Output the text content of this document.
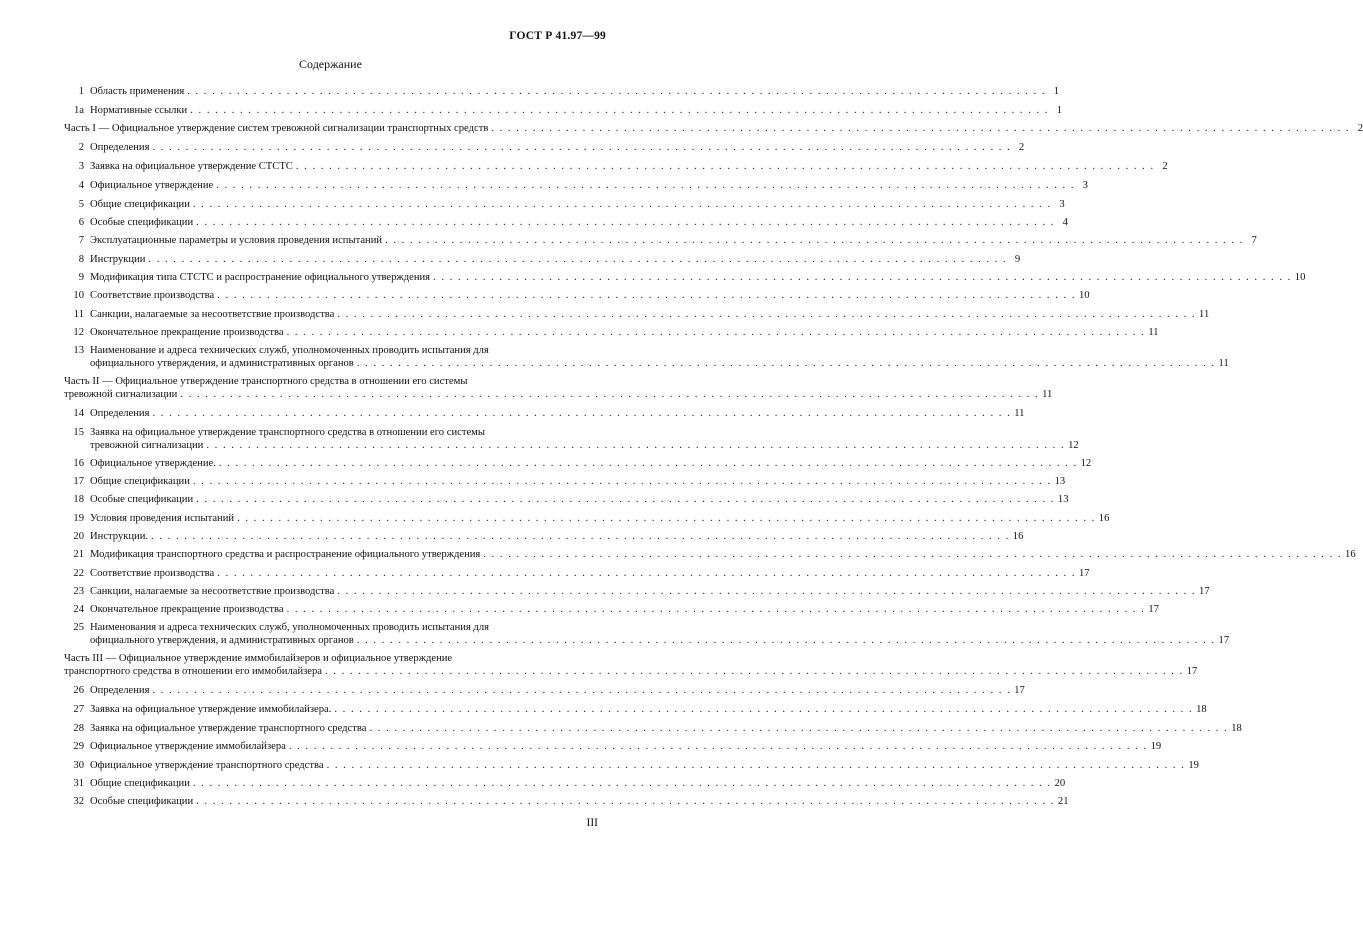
ГОСТ Р 41.97—99
Содержание
1 Область применения . . . . . . . . . . . . . . . . . . . . . . . . . . . . . . . . . . . . . . . . . . . . . . . . . . . . . . . . . . . . . . . . . . . . . . . . . . . . . . . . . . . . . . . . . . . . . . . . . . . . . . . . 1
1a Нормативные ссылки . . . . . . . . . . . . . . . . . . . . . . . . . . . . . . . . . . . . . . . . . . . . . . . . . . . . . . . . . . . . . . . . . . . . . . . . . . . . . . . . . . . . . . . . . . . . . . . . . . . . . . . . 1
Часть I — Официальное утверждение систем тревожной сигнализации транспортных средств . . . . . . . . . . . . . . . . . . . . . . . . . . . . . . . . . . . . . . . . . . . . . . . . . . . . . . . . . . . . . . . . . . . . . . . . . . . . . . . . . . . . . . . . . . . . . . . . . . . . . . . . 2
2 Определения . . . . . . . . . . . . . . . . . . . . . . . . . . . . . . . . . . . . . . . . . . . . . . . . . . . . . . . . . . . . . . . . . . . . . . . . . . . . . . . . . . . . . . . . . . . . . . . . . . . . . . . . 2
3 Заявка на официальное утверждение СТСТС . . . . . . . . . . . . . . . . . . . . . . . . . . . . . . . . . . . . . . . . . . . . . . . . . . . . . . . . . . . . . . . . . . . . . . . . . . . . . . . . . . . . . . . . . . . . . . . . . . . . . . . . 2
4 Официальное утверждение . . . . . . . . . . . . . . . . . . . . . . . . . . . . . . . . . . . . . . . . . . . . . . . . . . . . . . . . . . . . . . . . . . . . . . . . . . . . . . . . . . . . . . . . . . . . . . . . . . . . . . . . 3
5 Общие спецификации . . . . . . . . . . . . . . . . . . . . . . . . . . . . . . . . . . . . . . . . . . . . . . . . . . . . . . . . . . . . . . . . . . . . . . . . . . . . . . . . . . . . . . . . . . . . . . . . . . . . . . . . 3
6 Особые спецификации . . . . . . . . . . . . . . . . . . . . . . . . . . . . . . . . . . . . . . . . . . . . . . . . . . . . . . . . . . . . . . . . . . . . . . . . . . . . . . . . . . . . . . . . . . . . . . . . . . . . . . . . 4
7 Эксплуатационные параметры и условия проведения испытаний . . . . . . . . . . . . . . . . . . . . . . . . . . . . . . . . . . . . . . . . . . . . . . . . . . . . . . . . . . . . . . . . . . . . . . . . . . . . . . . . . . . . . . . . . . . . . . . . . . . . . . . . 7
8 Инструкции . . . . . . . . . . . . . . . . . . . . . . . . . . . . . . . . . . . . . . . . . . . . . . . . . . . . . . . . . . . . . . . . . . . . . . . . . . . . . . . . . . . . . . . . . . . . . . . . . . . . . . . . 9
9 Модификация типа СТСТС и распространение официального утверждения . . . . . . . . . . . . . . . . . . . . . . . . . . . . . . . . . . . . . . . . . . . . . . . . . . . . . . . . . . . . . . . . . . . . . . . . . . . . . . . . . . . . . . . . . . . . . . . . . . . . . . . . 10
10 Соответствие производства . . . . . . . . . . . . . . . . . . . . . . . . . . . . . . . . . . . . . . . . . . . . . . . . . . . . . . . . . . . . . . . . . . . . . . . . . . . . . . . . . . . . . . . . . . . . . . . . . . . . . . . . 10
11 Санкции, налагаемые за несоответствие производства . . . . . . . . . . . . . . . . . . . . . . . . . . . . . . . . . . . . . . . . . . . . . . . . . . . . . . . . . . . . . . . . . . . . . . . . . . . . . . . . . . . . . . . . . . . . . . . . . . . . . . . . 11
12 Окончательное прекращение производства . . . . . . . . . . . . . . . . . . . . . . . . . . . . . . . . . . . . . . . . . . . . . . . . . . . . . . . . . . . . . . . . . . . . . . . . . . . . . . . . . . . . . . . . . . . . . . . . . . . . . . . . 11
13 Наименование и адреса технических служб, уполномоченных проводить испытания для
официального утверждения, и административных органов . . . . . . . . . . . . . . . . . . . . . . . . . . . . . . . . . . . . . . . . . . . . . . . . . . . . . . . . . . . . . . . . . . . . . . . . . . . . . . . . . . . . . . . . . . . . . . . . . . . . . . . . 11
Часть II — Официальное утверждение транспортного средства в отношении его системы
тревожной сигнализации . . . . . . . . . . . . . . . . . . . . . . . . . . . . . . . . . . . . . . . . . . . . . . . . . . . . . . . . . . . . . . . . . . . . . . . . . . . . . . . . . . . . . . . . . . . . . . . . . . . . . . . . 11
14 Определения . . . . . . . . . . . . . . . . . . . . . . . . . . . . . . . . . . . . . . . . . . . . . . . . . . . . . . . . . . . . . . . . . . . . . . . . . . . . . . . . . . . . . . . . . . . . . . . . . . . . . . . . 11
15 Заявка на официальное утверждение транспортного средства в отношении его системы
тревожной сигнализации . . . . . . . . . . . . . . . . . . . . . . . . . . . . . . . . . . . . . . . . . . . . . . . . . . . . . . . . . . . . . . . . . . . . . . . . . . . . . . . . . . . . . . . . . . . . . . . . . . . . . . . . 12
16 Официальное утверждение. . . . . . . . . . . . . . . . . . . . . . . . . . . . . . . . . . . . . . . . . . . . . . . . . . . . . . . . . . . . . . . . . . . . . . . . . . . . . . . . . . . . . . . . . . . . . . . . . . . . . . . . . 12
17 Общие спецификации . . . . . . . . . . . . . . . . . . . . . . . . . . . . . . . . . . . . . . . . . . . . . . . . . . . . . . . . . . . . . . . . . . . . . . . . . . . . . . . . . . . . . . . . . . . . . . . . . . . . . . . . 13
18 Особые спецификации . . . . . . . . . . . . . . . . . . . . . . . . . . . . . . . . . . . . . . . . . . . . . . . . . . . . . . . . . . . . . . . . . . . . . . . . . . . . . . . . . . . . . . . . . . . . . . . . . . . . . . . . 13
19 Условия проведения испытаний . . . . . . . . . . . . . . . . . . . . . . . . . . . . . . . . . . . . . . . . . . . . . . . . . . . . . . . . . . . . . . . . . . . . . . . . . . . . . . . . . . . . . . . . . . . . . . . . . . . . . . . . 16
20 Инструкции. . . . . . . . . . . . . . . . . . . . . . . . . . . . . . . . . . . . . . . . . . . . . . . . . . . . . . . . . . . . . . . . . . . . . . . . . . . . . . . . . . . . . . . . . . . . . . . . . . . . . . . . . 16
21 Модификация транспортного средства и распространение официального утверждения . . . . . . . . . . . . . . . . . . . . . . . . . . . . . . . . . . . . . . . . . . . . . . . . . . . . . . . . . . . . . . . . . . . . . . . . . . . . . . . . . . . . . . . . . . . . . . . . . . . . . . . . 16
22 Соответствие производства . . . . . . . . . . . . . . . . . . . . . . . . . . . . . . . . . . . . . . . . . . . . . . . . . . . . . . . . . . . . . . . . . . . . . . . . . . . . . . . . . . . . . . . . . . . . . . . . . . . . . . . . 17
23 Санкции, налагаемые за несоответствие производства . . . . . . . . . . . . . . . . . . . . . . . . . . . . . . . . . . . . . . . . . . . . . . . . . . . . . . . . . . . . . . . . . . . . . . . . . . . . . . . . . . . . . . . . . . . . . . . . . . . . . . . . 17
24 Окончательное прекращение производства . . . . . . . . . . . . . . . . . . . . . . . . . . . . . . . . . . . . . . . . . . . . . . . . . . . . . . . . . . . . . . . . . . . . . . . . . . . . . . . . . . . . . . . . . . . . . . . . . . . . . . . . 17
25 Наименования и адреса технических служб, уполномоченных проводить испытания для
официального утверждения, и административных органов . . . . . . . . . . . . . . . . . . . . . . . . . . . . . . . . . . . . . . . . . . . . . . . . . . . . . . . . . . . . . . . . . . . . . . . . . . . . . . . . . . . . . . . . . . . . . . . . . . . . . . . . 17
Часть III — Официальное утверждение иммобилайзеров и официальное утверждение
транспортного средства в отношении его иммобилайзера . . . . . . . . . . . . . . . . . . . . . . . . . . . . . . . . . . . . . . . . . . . . . . . . . . . . . . . . . . . . . . . . . . . . . . . . . . . . . . . . . . . . . . . . . . . . . . . . . . . . . . . . 17
26 Определения . . . . . . . . . . . . . . . . . . . . . . . . . . . . . . . . . . . . . . . . . . . . . . . . . . . . . . . . . . . . . . . . . . . . . . . . . . . . . . . . . . . . . . . . . . . . . . . . . . . . . . . . 17
27 Заявка на официальное утверждение иммобилайзера. . . . . . . . . . . . . . . . . . . . . . . . . . . . . . . . . . . . . . . . . . . . . . . . . . . . . . . . . . . . . . . . . . . . . . . . . . . . . . . . . . . . . . . . . . . . . . . . . . . . . . . . . 18
28 Заявка на официальное утверждение транспортного средства . . . . . . . . . . . . . . . . . . . . . . . . . . . . . . . . . . . . . . . . . . . . . . . . . . . . . . . . . . . . . . . . . . . . . . . . . . . . . . . . . . . . . . . . . . . . . . . . . . . . . . . . 18
29 Официальное утверждение иммобилайзера . . . . . . . . . . . . . . . . . . . . . . . . . . . . . . . . . . . . . . . . . . . . . . . . . . . . . . . . . . . . . . . . . . . . . . . . . . . . . . . . . . . . . . . . . . . . . . . . . . . . . . . . 19
30 Официальное утверждение транспортного средства . . . . . . . . . . . . . . . . . . . . . . . . . . . . . . . . . . . . . . . . . . . . . . . . . . . . . . . . . . . . . . . . . . . . . . . . . . . . . . . . . . . . . . . . . . . . . . . . . . . . . . . . 19
31 Общие спецификации . . . . . . . . . . . . . . . . . . . . . . . . . . . . . . . . . . . . . . . . . . . . . . . . . . . . . . . . . . . . . . . . . . . . . . . . . . . . . . . . . . . . . . . . . . . . . . . . . . . . . . . . 20
32 Особые спецификации . . . . . . . . . . . . . . . . . . . . . . . . . . . . . . . . . . . . . . . . . . . . . . . . . . . . . . . . . . . . . . . . . . . . . . . . . . . . . . . . . . . . . . . . . . . . . . . . . . . . . . . . 21
III
